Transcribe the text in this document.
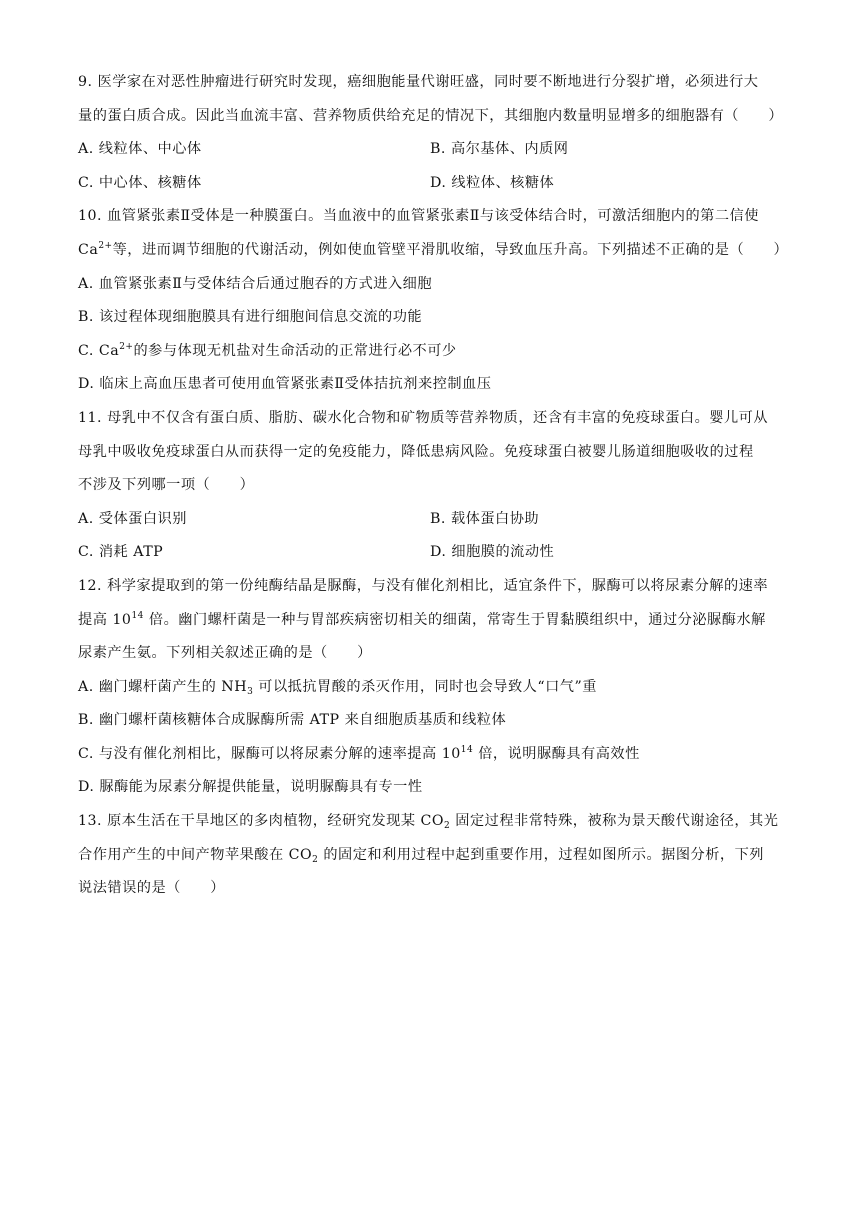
9. 医学家在对恶性肿瘤进行研究时发现，癌细胞能量代谢旺盛，同时要不断地进行分裂扩增，必须进行大
量的蛋白质合成。因此当血流丰富、营养物质供给充足的情况下，其细胞内数量明显增多的细胞器有（　　）
A. 线粒体、中心体	B. 高尔基体、内质网
C. 中心体、核糖体	D. 线粒体、核糖体
10. 血管紧张素Ⅱ受体是一种膜蛋白。当血液中的血管紧张素Ⅱ与该受体结合时，可激活细胞内的第二信使
$Ca^{2+}$等，进而调节细胞的代谢活动，例如使血管壁平滑肌收缩，导致血压升高。下列描述不正确的是（　　）
A. 血管紧张素Ⅱ与受体结合后通过胞吞的方式进入细胞
B. 该过程体现细胞膜具有进行细胞间信息交流的功能
C. $Ca^{2+}$的参与体现无机盐对生命活动的正常进行必不可少
D. 临床上高血压患者可使用血管紧张素Ⅱ受体拮抗剂来控制血压
11. 母乳中不仅含有蛋白质、脂肪、碳水化合物和矿物质等营养物质，还含有丰富的免疫球蛋白。婴儿可从
母乳中吸收免疫球蛋白从而获得一定的免疫能力，降低患病风险。免疫球蛋白被婴儿肠道细胞吸收的过程
不涉及下列哪一项（　　）
A. 受体蛋白识别	B. 载体蛋白协助
C. 消耗 ATP	D. 细胞膜的流动性
12. 科学家提取到的第一份纯酶结晶是脲酶，与没有催化剂相比，适宜条件下，脲酶可以将尿素分解的速率
提高 $10^{14}$ 倍。幽门螺杆菌是一种与胃部疾病密切相关的细菌，常寄生于胃黏膜组织中，通过分泌脲酶水解
尿素产生氨。下列相关叙述正确的是（　　）
A. 幽门螺杆菌产生的 $NH_3$ 可以抵抗胃酸的杀灭作用，同时也会导致人“口气”重
B. 幽门螺杆菌核糖体合成脲酶所需 ATP 来自细胞质基质和线粒体
C. 与没有催化剂相比，脲酶可以将尿素分解的速率提高 $10^{14}$ 倍，说明脲酶具有高效性
D. 脲酶能为尿素分解提供能量，说明脲酶具有专一性
13. 原本生活在干旱地区的多肉植物，经研究发现某 $CO_2$ 固定过程非常特殊，被称为景天酸代谢途径，其光
合作用产生的中间产物苹果酸在 $CO_2$ 的固定和利用过程中起到重要作用，过程如图所示。据图分析，下列
说法错误的是（　　）
